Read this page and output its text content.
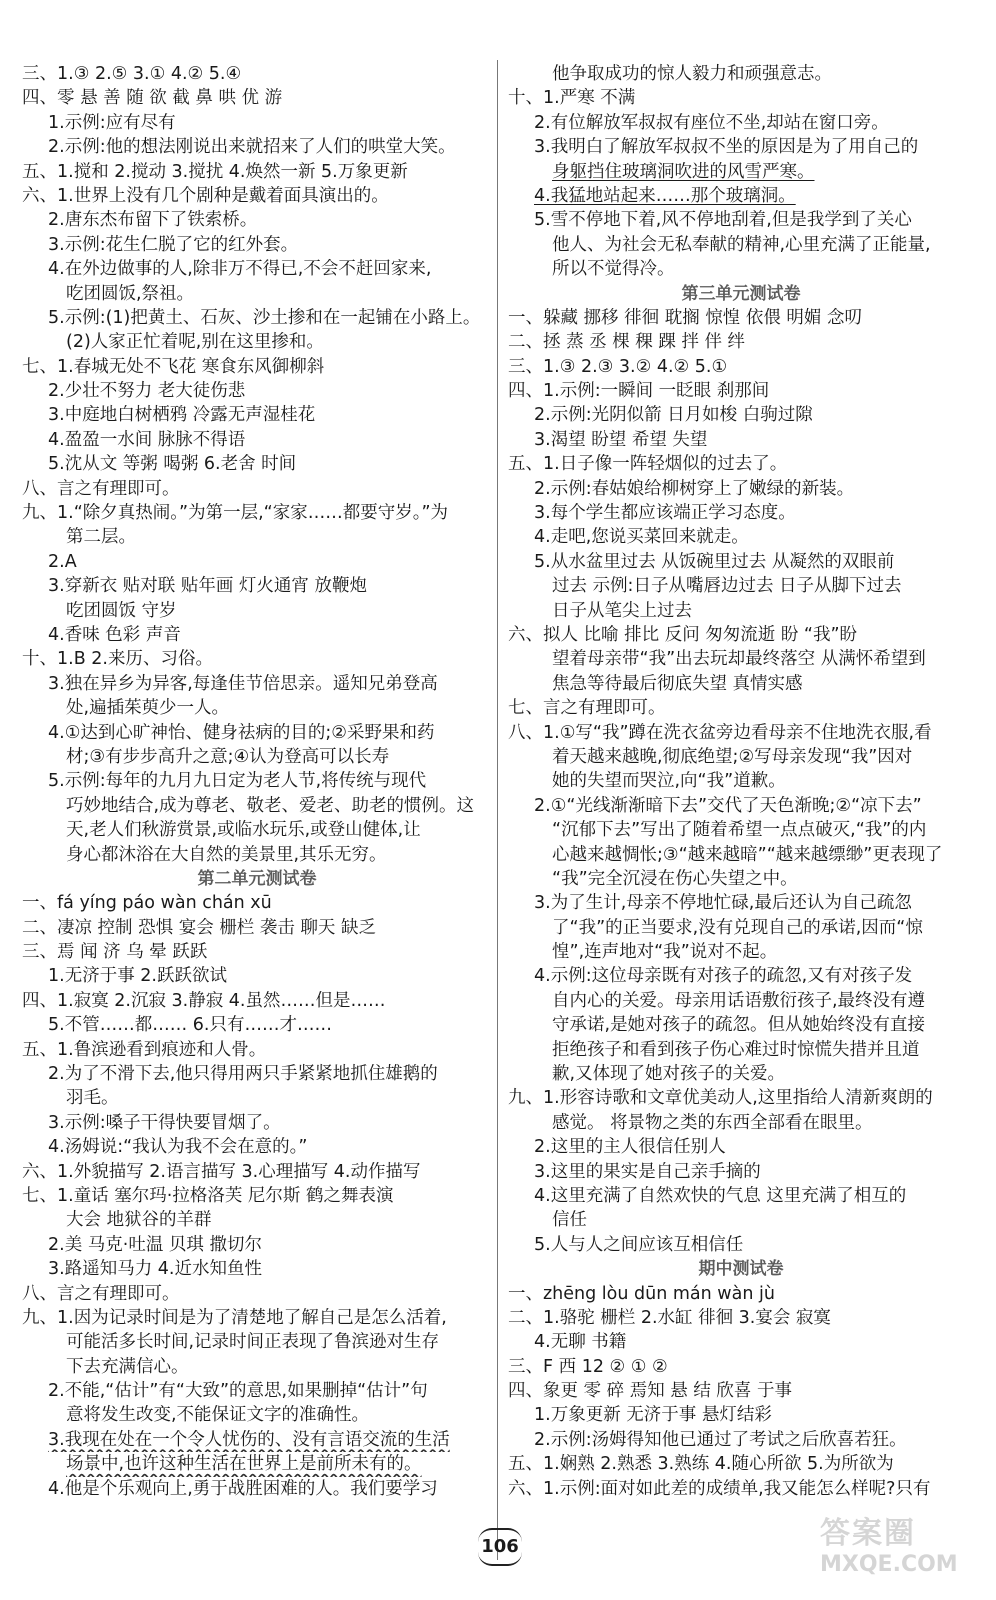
三、1.③ 2.⑤ 3.① 4.② 5.④
四、零 悬 善 随 欲 截 鼻 哄 优 游
1.示例:应有尽有
2.示例:他的想法刚说出来就招来了人们的哄堂大笑。
五、1.搅和 2.搅动 3.搅扰 4.焕然一新 5.万象更新
六、1.世界上没有几个剧种是戴着面具演出的。
2.唐东杰布留下了铁索桥。
3.示例:花生仁脱了它的红外套。
4.在外边做事的人,除非万不得已,不会不赶回家来,
吃团圆饭,祭祖。
5.示例:(1)把黄土、石灰、沙土掺和在一起铺在小路上。
(2)人家正忙着呢,别在这里掺和。
七、1.春城无处不飞花 寒食东风御柳斜
2.少壮不努力 老大徒伤悲
3.中庭地白树栖鸦 冷露无声湿桂花
4.盈盈一水间 脉脉不得语
5.沈从文 等粥 喝粥 6.老舍 时间
八、言之有理即可。
九、1.“除夕真热闹。”为第一层,“家家……都要守岁。”为
第二层。
2.A
3.穿新衣 贴对联 贴年画 灯火通宵 放鞭炮
吃团圆饭 守岁
4.香味 色彩 声音
十、1.B 2.来历、习俗。
3.独在异乡为异客,每逢佳节倍思亲。遥知兄弟登高
处,遍插茱萸少一人。
4.①达到心旷神怡、健身祛病的目的;②采野果和药
材;③有步步高升之意;④认为登高可以长寿
5.示例:每年的九月九日定为老人节,将传统与现代
巧妙地结合,成为尊老、敬老、爱老、助老的惯例。这
天,老人们秋游赏景,或临水玩乐,或登山健体,让
身心都沐浴在大自然的美景里,其乐无穷。
第二单元测试卷
一、fá yíng páo wàn chán xū
二、凄凉 控制 恐惧 宴会 栅栏 袭击 聊天 缺乏
三、焉 闻 济 乌 晕 跃跃
1.无济于事 2.跃跃欲试
四、1.寂寞 2.沉寂 3.静寂 4.虽然……但是……
5.不管……都…… 6.只有……才……
五、1.鲁滨逊看到痕迹和人骨。
2.为了不滑下去,他只得用两只手紧紧地抓住雄鹅的
羽毛。
3.示例:嗓子干得快要冒烟了。
4.汤姆说:“我认为我不会在意的。”
六、1.外貌描写 2.语言描写 3.心理描写 4.动作描写
七、1.童话 塞尔玛·拉格洛芙 尼尔斯 鹤之舞表演
大会 地狱谷的羊群
2.美 马克·吐温 贝琪 撒切尔
3.路遥知马力 4.近水知鱼性
八、言之有理即可。
九、1.因为记录时间是为了清楚地了解自己是怎么活着,
可能活多长时间,记录时间正表现了鲁滨逊对生存
下去充满信心。
2.不能,“估计”有“大致”的意思,如果删掉“估计”句
意将发生改变,不能保证文字的准确性。
3.我现在处在一个令人忧伤的、没有言语交流的生活
场景中,也许这种生活在世界上是前所未有的。
4.他是个乐观向上,勇于战胜困难的人。我们要学习
他争取成功的惊人毅力和顽强意志。
十、1.严寒 不满
2.有位解放军叔叔有座位不坐,却站在窗口旁。
3.我明白了解放军叔叔不坐的原因是为了用自己的
身躯挡住玻璃洞吹进的风雪严寒。
4.我猛地站起来……那个玻璃洞。
5.雪不停地下着,风不停地刮着,但是我学到了关心
他人、为社会无私奉献的精神,心里充满了正能量,
所以不觉得冷。
第三单元测试卷
一、躲藏 挪移 徘徊 耽搁 惊惶 依偎 明媚 念叨
二、拯 蒸 丞 棵 稞 踝 拌 伴 绊
三、1.③ 2.③ 3.② 4.② 5.①
四、1.示例:一瞬间 一眨眼 刹那间
2.示例:光阴似箭 日月如梭 白驹过隙
3.渴望 盼望 希望 失望
五、1.日子像一阵轻烟似的过去了。
2.示例:春姑娘给柳树穿上了嫩绿的新装。
3.每个学生都应该端正学习态度。
4.走吧,您说买菜回来就走。
5.从水盆里过去 从饭碗里过去 从凝然的双眼前
过去 示例:日子从嘴唇边过去 日子从脚下过去
日子从笔尖上过去
六、拟人 比喻 排比 反问 匆匆流逝 盼 “我”盼
望着母亲带“我”出去玩却最终落空 从满怀希望到
焦急等待最后彻底失望 真情实感
七、言之有理即可。
八、1.①写“我”蹲在洗衣盆旁边看母亲不住地洗衣服,看
着天越来越晚,彻底绝望;②写母亲发现“我”因对
她的失望而哭泣,向“我”道歉。
2.①“光线渐渐暗下去”交代了天色渐晚;②“凉下去”
“沉郁下去”写出了随着希望一点点破灭,“我”的内
心越来越惆怅;③“越来越暗”“越来越缥缈”更表现了
“我”完全沉浸在伤心失望之中。
3.为了生计,母亲不停地忙碌,最后还认为自己疏忽
了“我”的正当要求,没有兑现自己的承诺,因而“惊
惶”,连声地对“我”说对不起。
4.示例:这位母亲既有对孩子的疏忽,又有对孩子发
自内心的关爱。母亲用话语敷衍孩子,最终没有遵
守承诺,是她对孩子的疏忽。但从她始终没有直接
拒绝孩子和看到孩子伤心难过时惊慌失措并且道
歉,又体现了她对孩子的关爱。
九、1.形容诗歌和文章优美动人,这里指给人清新爽朗的
感觉。 将景物之类的东西全部看在眼里。
2.这里的主人很信任别人
3.这里的果实是自己亲手摘的
4.这里充满了自然欢快的气息 这里充满了相互的
信任
5.人与人之间应该互相信任
期中测试卷
一、zhēng lòu dūn mán wàn jù
二、1.骆驼 栅栏 2.水缸 徘徊 3.宴会 寂寞
4.无聊 书籍
三、F 西 12 ② ① ②
四、象更 零 碎 焉知 悬 结 欣喜 于事
1.万象更新 无济于事 悬灯结彩
2.示例:汤姆得知他已通过了考试之后欣喜若狂。
五、1.娴熟 2.熟悉 3.熟练 4.随心所欲 5.为所欲为
六、1.示例:面对如此差的成绩单,我又能怎么样呢?只有
106	答案圈
MXQE.COM
